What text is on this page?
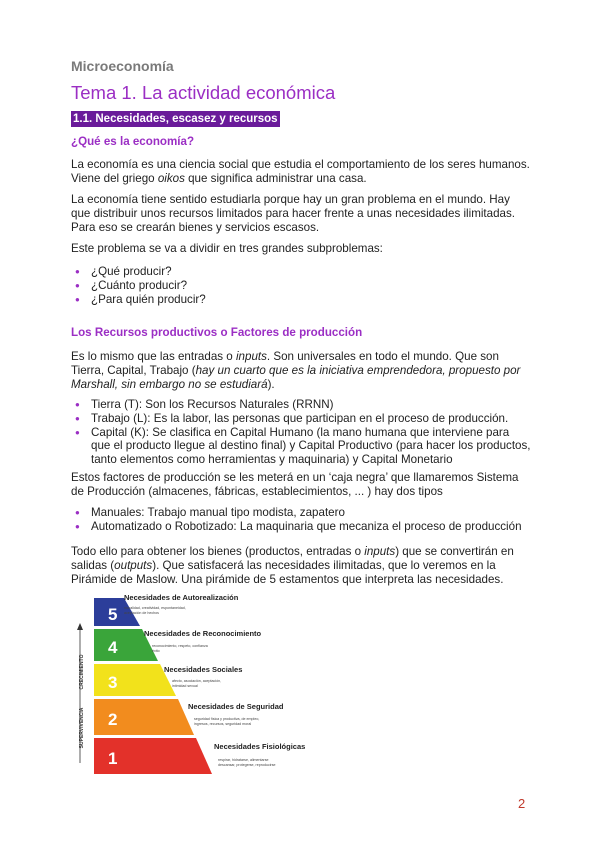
Microeconomía
Tema 1. La actividad económica
1.1. Necesidades, escasez y recursos
¿Qué es la economía?
La economía es una ciencia social que estudia el comportamiento de los seres humanos. Viene del griego oikos que significa administrar una casa.
La economía tiene sentido estudiarla porque hay un gran problema en el mundo. Hay que distribuir unos recursos limitados para hacer frente a unas necesidades ilimitadas. Para eso se crearán bienes y servicios escasos.
Este problema se va a dividir en tres grandes subproblemas:
● ¿Qué producir?
● ¿Cuánto producir?
● ¿Para quién producir?
Los Recursos productivos o Factores de producción
Es lo mismo que las entradas o inputs. Son universales en todo el mundo. Que son Tierra, Capital, Trabajo (hay un cuarto que es la iniciativa emprendedora, propuesto por Marshall, sin embargo no se estudiará).
● Tierra (T): Son los Recursos Naturales (RRNN)
● Trabajo (L): Es la labor, las personas que participan en el proceso de producción.
● Capital (K): Se clasifica en Capital Humano (la mano humana que interviene para que el producto llegue al destino final) y Capital Productivo (para hacer los productos, tanto elementos como herramientas y maquinaria) y Capital Monetario
Estos factores de producción se les meterá en un ‘caja negra’ que llamaremos Sistema de Producción (almacenes, fábricas, establecimientos, ... ) hay dos tipos
● Manuales: Trabajo manual tipo modista, zapatero
● Automatizado o Robotizado: La maquinaria que mecaniza el proceso de producción
Todo ello para obtener los bienes (productos, entradas o inputs) que se convertirán en salidas (outputs). Que satisfacerá las necesidades ilimitadas, que lo veremos en la Pirámide de Maslow. Una pirámide de 5 estamentos que interpreta las necesidades.
CRECIMIENTO
SUPERVIVENCIA
5
4
3
2
1
Necesidades de Autorealización
moralidad, creatividad, espontaneidad,
aceptación de hechos
Necesidades de Reconocimiento
reconocimiento, respeto, confianza
éxito
Necesidades Sociales
afecto, asociación, aceptación,
intimidad sexual
Necesidades de Seguridad
seguridad física y productiva, de empleo,
ingresos, recursos, seguridad moral
Necesidades Fisiológicas
respirar, hidratarse, alimentarse
descansar, protegerse, reproducirse
2
